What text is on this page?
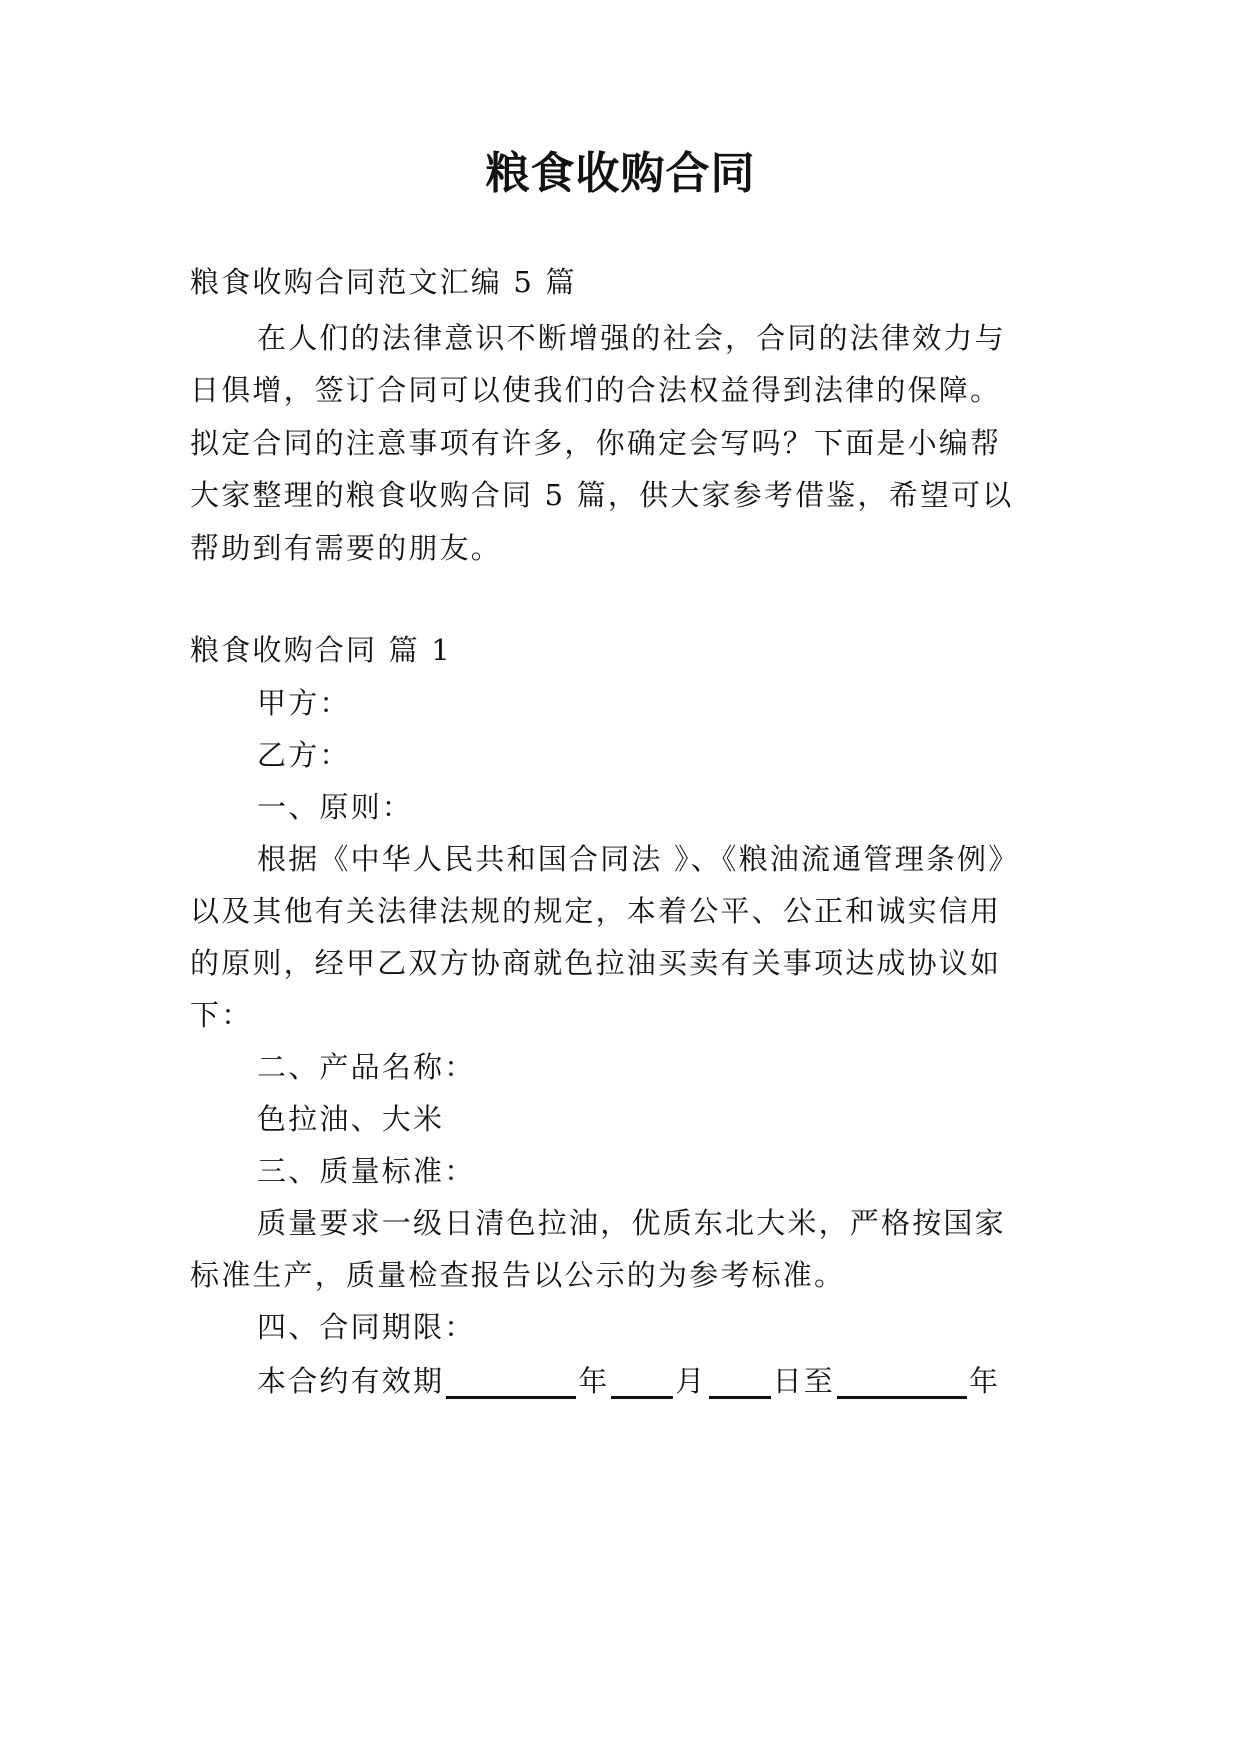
粮食收购合同
粮食收购合同范文汇编 5 篇
在人们的法律意识不断增强的社会，合同的法律效力与
日俱增，签订合同可以使我们的合法权益得到法律的保障。
拟定合同的注意事项有许多，你确定会写吗？下面是小编帮
大家整理的粮食收购合同 5 篇，供大家参考借鉴，希望可以
帮助到有需要的朋友。
粮食收购合同 篇 1
甲方：
乙方：
一、原则：
根据《中华人民共和国合同法 》、《粮油流通管理条例》
以及其他有关法律法规的规定，本着公平、公正和诚实信用
的原则，经甲乙双方协商就色拉油买卖有关事项达成协议如
下：
二、产品名称：
色拉油、大米
三、质量标准：
质量要求一级日清色拉油，优质东北大米，严格按国家
标准生产，质量检查报告以公示的为参考标准。
四、合同期限：
本合约有效期	年 月 日至	年
